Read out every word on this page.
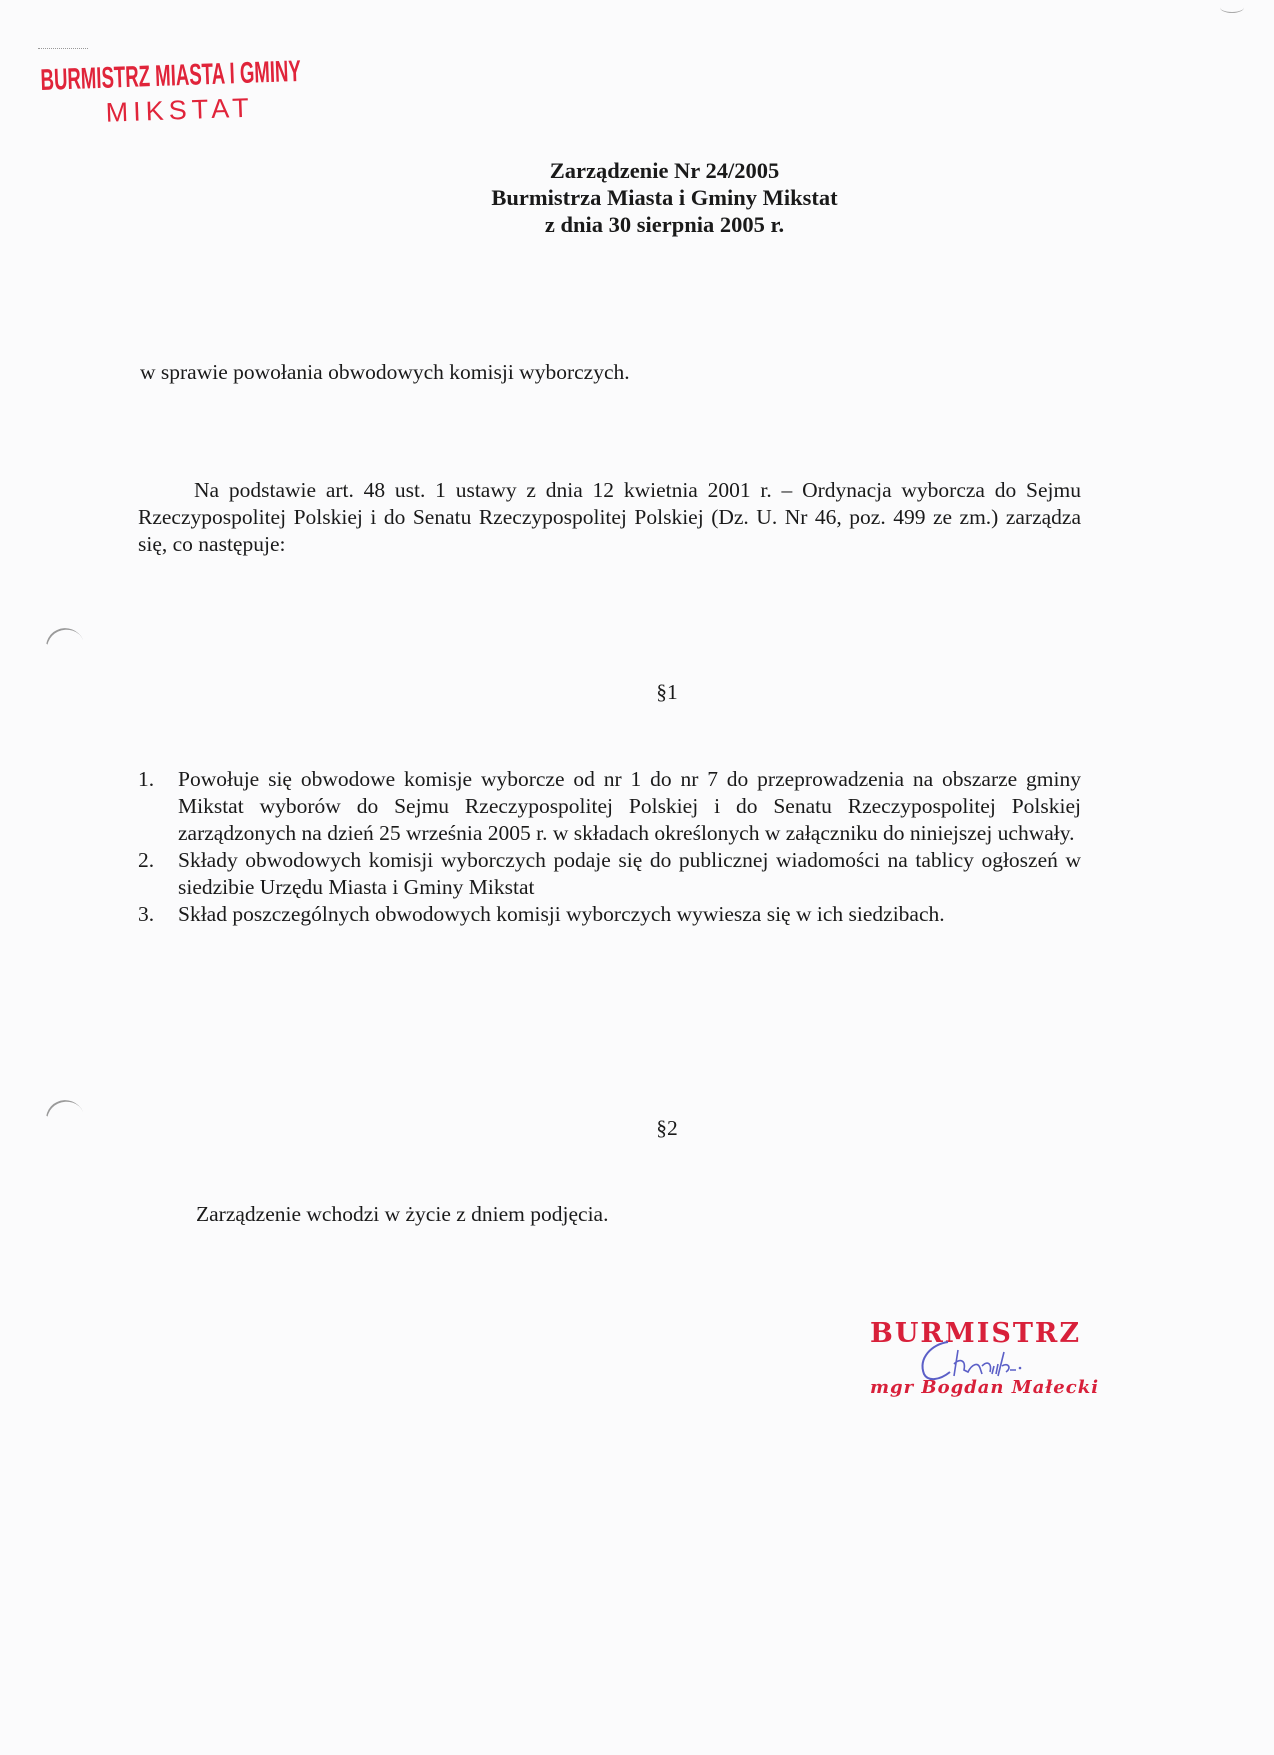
BURMISTRZ MIASTA I GMINY
MIKSTAT
Zarządzenie Nr 24/2005
Burmistrza Miasta i Gminy Mikstat
z dnia 30 sierpnia 2005 r.
w sprawie powołania obwodowych komisji wyborczych.
Na podstawie art. 48 ust. 1 ustawy z dnia 12 kwietnia 2001 r. – Ordynacja wyborcza do Sejmu Rzeczypospolitej Polskiej i do Senatu Rzeczypospolitej Polskiej (Dz. U. Nr 46, poz. 499 ze zm.) zarządza się, co następuje:
§1
1.	Powołuje się obwodowe komisje wyborcze od nr 1 do nr 7 do przeprowadzenia na obszarze gminy Mikstat wyborów do Sejmu Rzeczypospolitej Polskiej i do Senatu Rzeczypospolitej Polskiej zarządzonych na dzień 25 września 2005 r. w składach określonych w załączniku do niniejszej uchwały.
2.	Składy obwodowych komisji wyborczych podaje się do publicznej wiadomości na tablicy ogłoszeń w siedzibie Urzędu Miasta i Gminy Mikstat
3.	Skład poszczególnych obwodowych komisji wyborczych wywiesza się w ich siedzibach.
§2
Zarządzenie wchodzi w życie z dniem podjęcia.
BURMISTRZ
mgr Bogdan Małecki
